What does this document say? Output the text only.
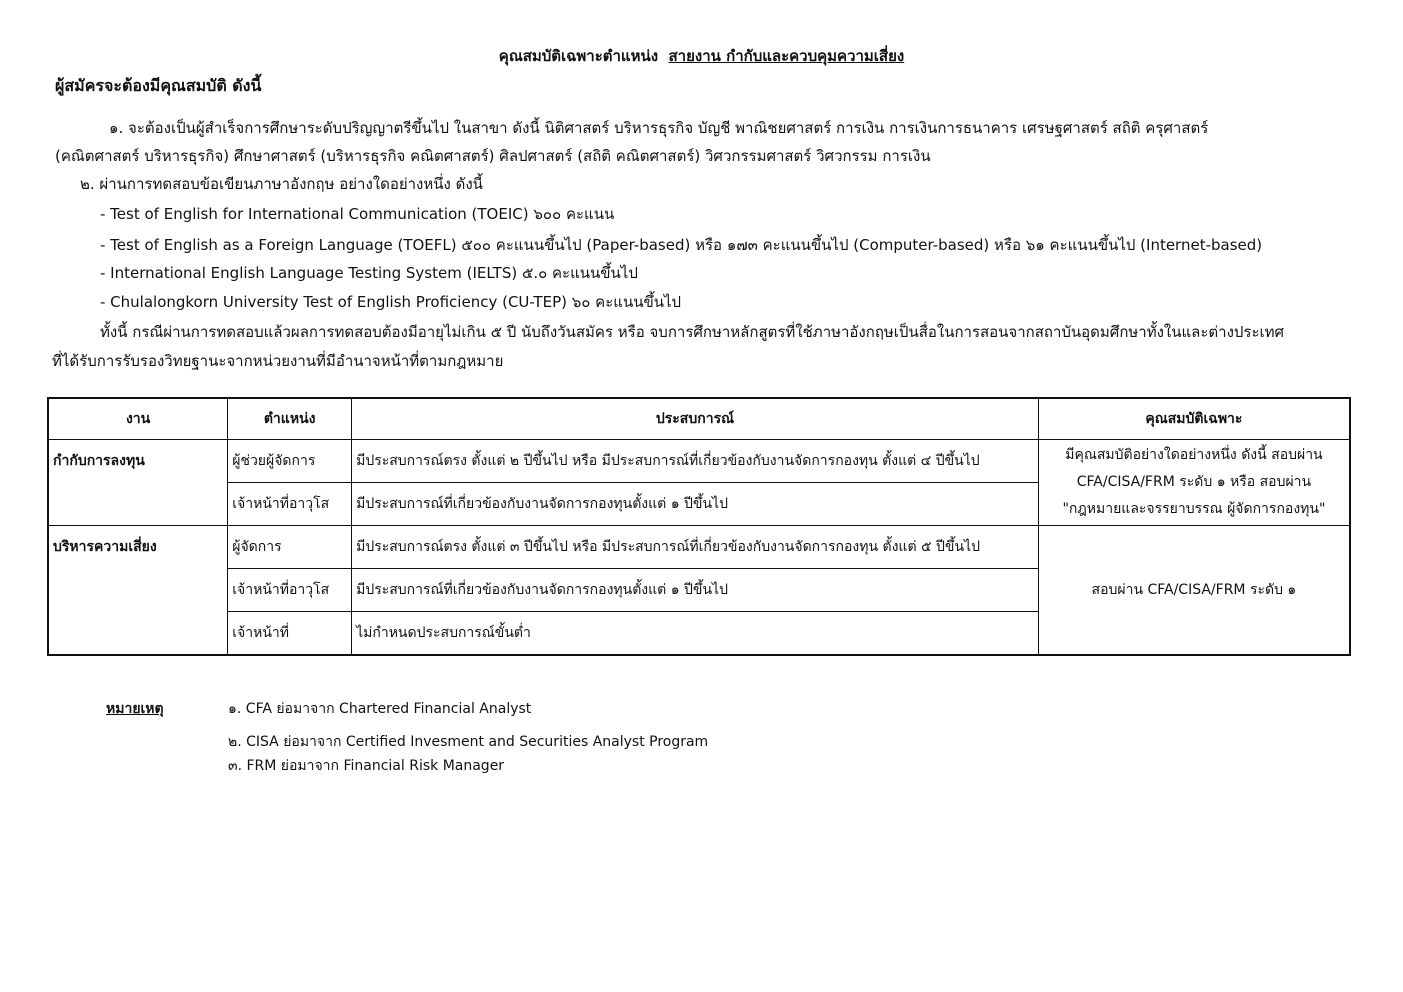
คุณสมบัติเฉพาะตำแหน่ง สายงาน กำกับและควบคุมความเสี่ยง
ผู้สมัครจะต้องมีคุณสมบัติ ดังนี้
๑. จะต้องเป็นผู้สำเร็จการศึกษาระดับปริญญาตรีขึ้นไป ในสาขา ดังนี้ นิติศาสตร์ บริหารธุรกิจ บัญชี พาณิชยศาสตร์ การเงิน การเงินการธนาคาร เศรษฐศาสตร์ สถิติ ครุศาสตร์
(คณิตศาสตร์ บริหารธุรกิจ) ศึกษาศาสตร์ (บริหารธุรกิจ คณิตศาสตร์) ศิลปศาสตร์ (สถิติ คณิตศาสตร์) วิศวกรรมศาสตร์ วิศวกรรม การเงิน
๒. ผ่านการทดสอบข้อเขียนภาษาอังกฤษ อย่างใดอย่างหนึ่ง ดังนี้
- Test of English for International Communication (TOEIC) ๖๐๐ คะแนน
- Test of English as a Foreign Language (TOEFL) ๕๐๐ คะแนนขึ้นไป (Paper-based) หรือ ๑๗๓ คะแนนขึ้นไป (Computer-based) หรือ ๖๑ คะแนนขึ้นไป (Internet-based)
- International English Language Testing System (IELTS) ๕.๐ คะแนนขึ้นไป
- Chulalongkorn University Test of English Proficiency (CU-TEP) ๖๐ คะแนนขึ้นไป
ทั้งนี้ กรณีผ่านการทดสอบแล้วผลการทดสอบต้องมีอายุไม่เกิน ๕ ปี นับถึงวันสมัคร หรือ จบการศึกษาหลักสูตรที่ใช้ภาษาอังกฤษเป็นสื่อในการสอนจากสถาบันอุดมศึกษาทั้งในและต่างประเทศ
ที่ได้รับการรับรองวิทยฐานะจากหน่วยงานที่มีอำนาจหน้าที่ตามกฎหมาย
งาน	ตำแหน่ง	ประสบการณ์	คุณสมบัติเฉพาะ
กำกับการลงทุน	ผู้ช่วยผู้จัดการ	มีประสบการณ์ตรง ตั้งแต่ ๒ ปีขึ้นไป หรือ มีประสบการณ์ที่เกี่ยวข้องกับงานจัดการกองทุน ตั้งแต่ ๔ ปีขึ้นไป	มีคุณสมบัติอย่างใดอย่างหนึ่ง ดังนี้ สอบผ่าน
CFA/CISA/FRM ระดับ ๑ หรือ สอบผ่าน
"กฎหมายและจรรยาบรรณ ผู้จัดการกองทุน"

	เจ้าหน้าที่อาวุโส	มีประสบการณ์ที่เกี่ยวข้องกับงานจัดการกองทุนตั้งแต่ ๑ ปีขึ้นไป	
บริหารความเสี่ยง	ผู้จัดการ	มีประสบการณ์ตรง ตั้งแต่ ๓ ปีขึ้นไป หรือ มีประสบการณ์ที่เกี่ยวข้องกับงานจัดการกองทุน ตั้งแต่ ๕ ปีขึ้นไป	สอบผ่าน CFA/CISA/FRM ระดับ ๑
	เจ้าหน้าที่อาวุโส	มีประสบการณ์ที่เกี่ยวข้องกับงานจัดการกองทุนตั้งแต่ ๑ ปีขึ้นไป	
	เจ้าหน้าที่	ไม่กำหนดประสบการณ์ขั้นต่ำ	
หมายเหตุ	๑. CFA ย่อมาจาก Chartered Financial Analyst
๒. CISA ย่อมาจาก Certified Invesment and Securities Analyst Program
๓. FRM ย่อมาจาก Financial Risk Manager
